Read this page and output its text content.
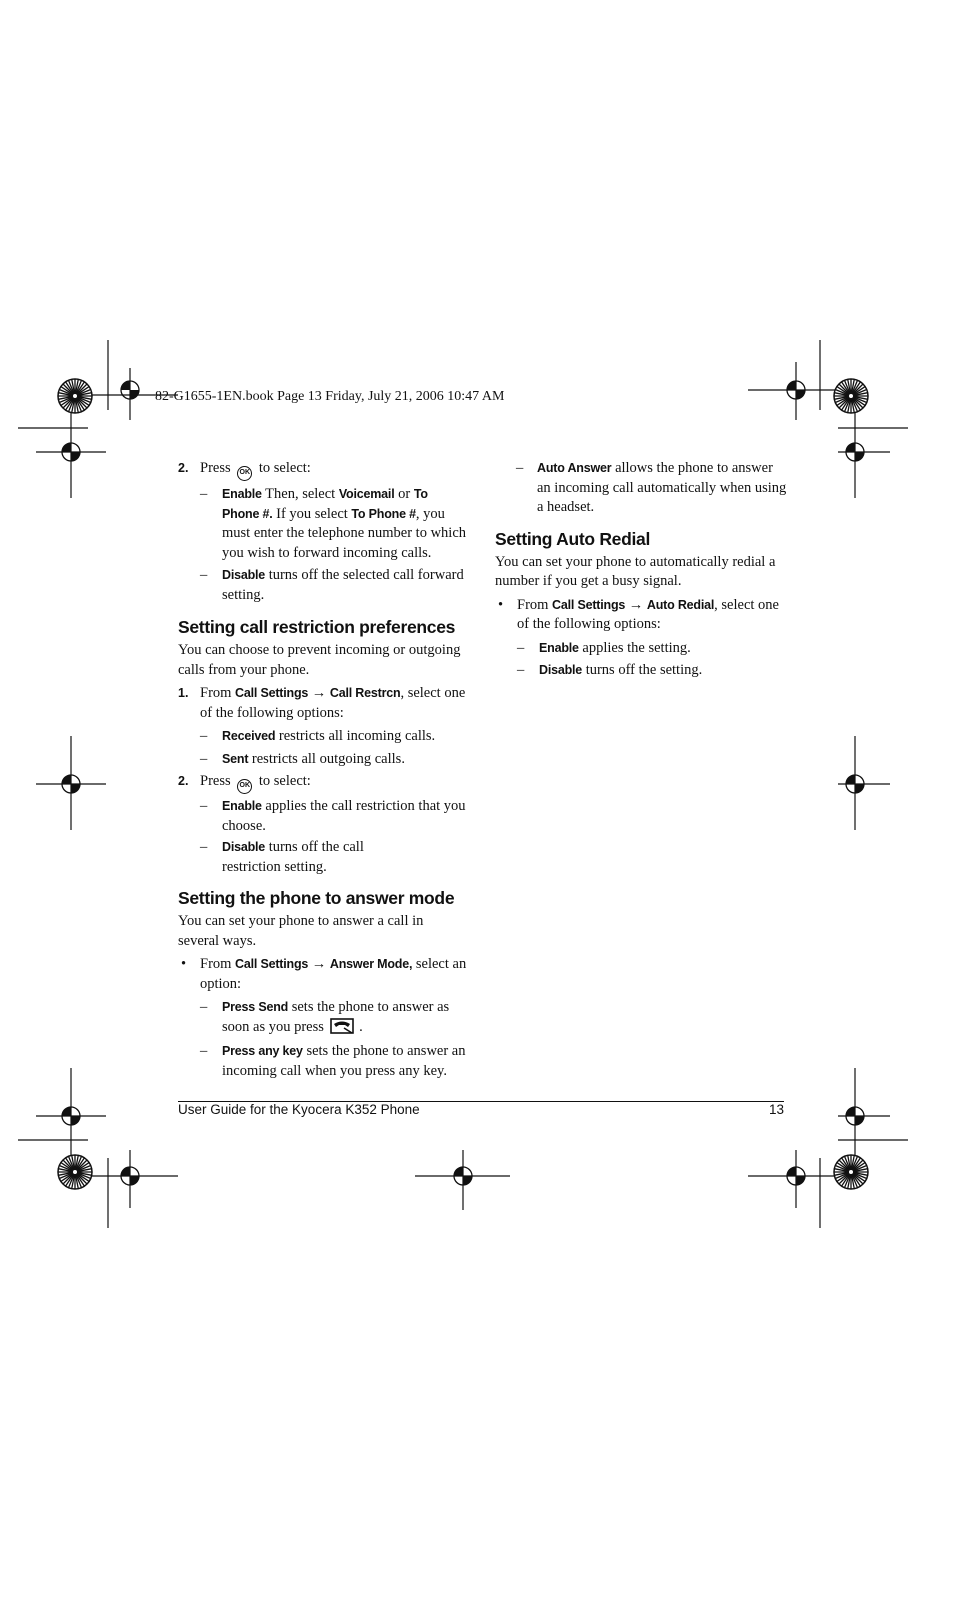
82-G1655-1EN.book Page 13 Friday, July 21, 2006 10:47 AM
2. Press OK to select:
– Enable Then, select Voicemail or To Phone #. If you select To Phone #, you must enter the telephone number to which you wish to forward incoming calls.
– Disable turns off the selected call forward setting.
Setting call restriction preferences
You can choose to prevent incoming or outgoing calls from your phone.
1. From Call Settings → Call Restrcn, select one of the following options:
– Received restricts all incoming calls.
– Sent restricts all outgoing calls.
2. Press OK to select:
– Enable applies the call restriction that you choose.
– Disable turns off the call restriction setting.
Setting the phone to answer mode
You can set your phone to answer a call in several ways.
• From Call Settings → Answer Mode, select an option:
– Press Send sets the phone to answer as soon as you press  .
– Press any key sets the phone to answer an incoming call when you press any key.
– Auto Answer allows the phone to answer an incoming call automatically when using a headset.
Setting Auto Redial
You can set your phone to automatically redial a number if you get a busy signal.
• From Call Settings → Auto Redial, select one of the following options:
– Enable applies the setting.
– Disable turns off the setting.
User Guide for the Kyocera K352 Phone	13
